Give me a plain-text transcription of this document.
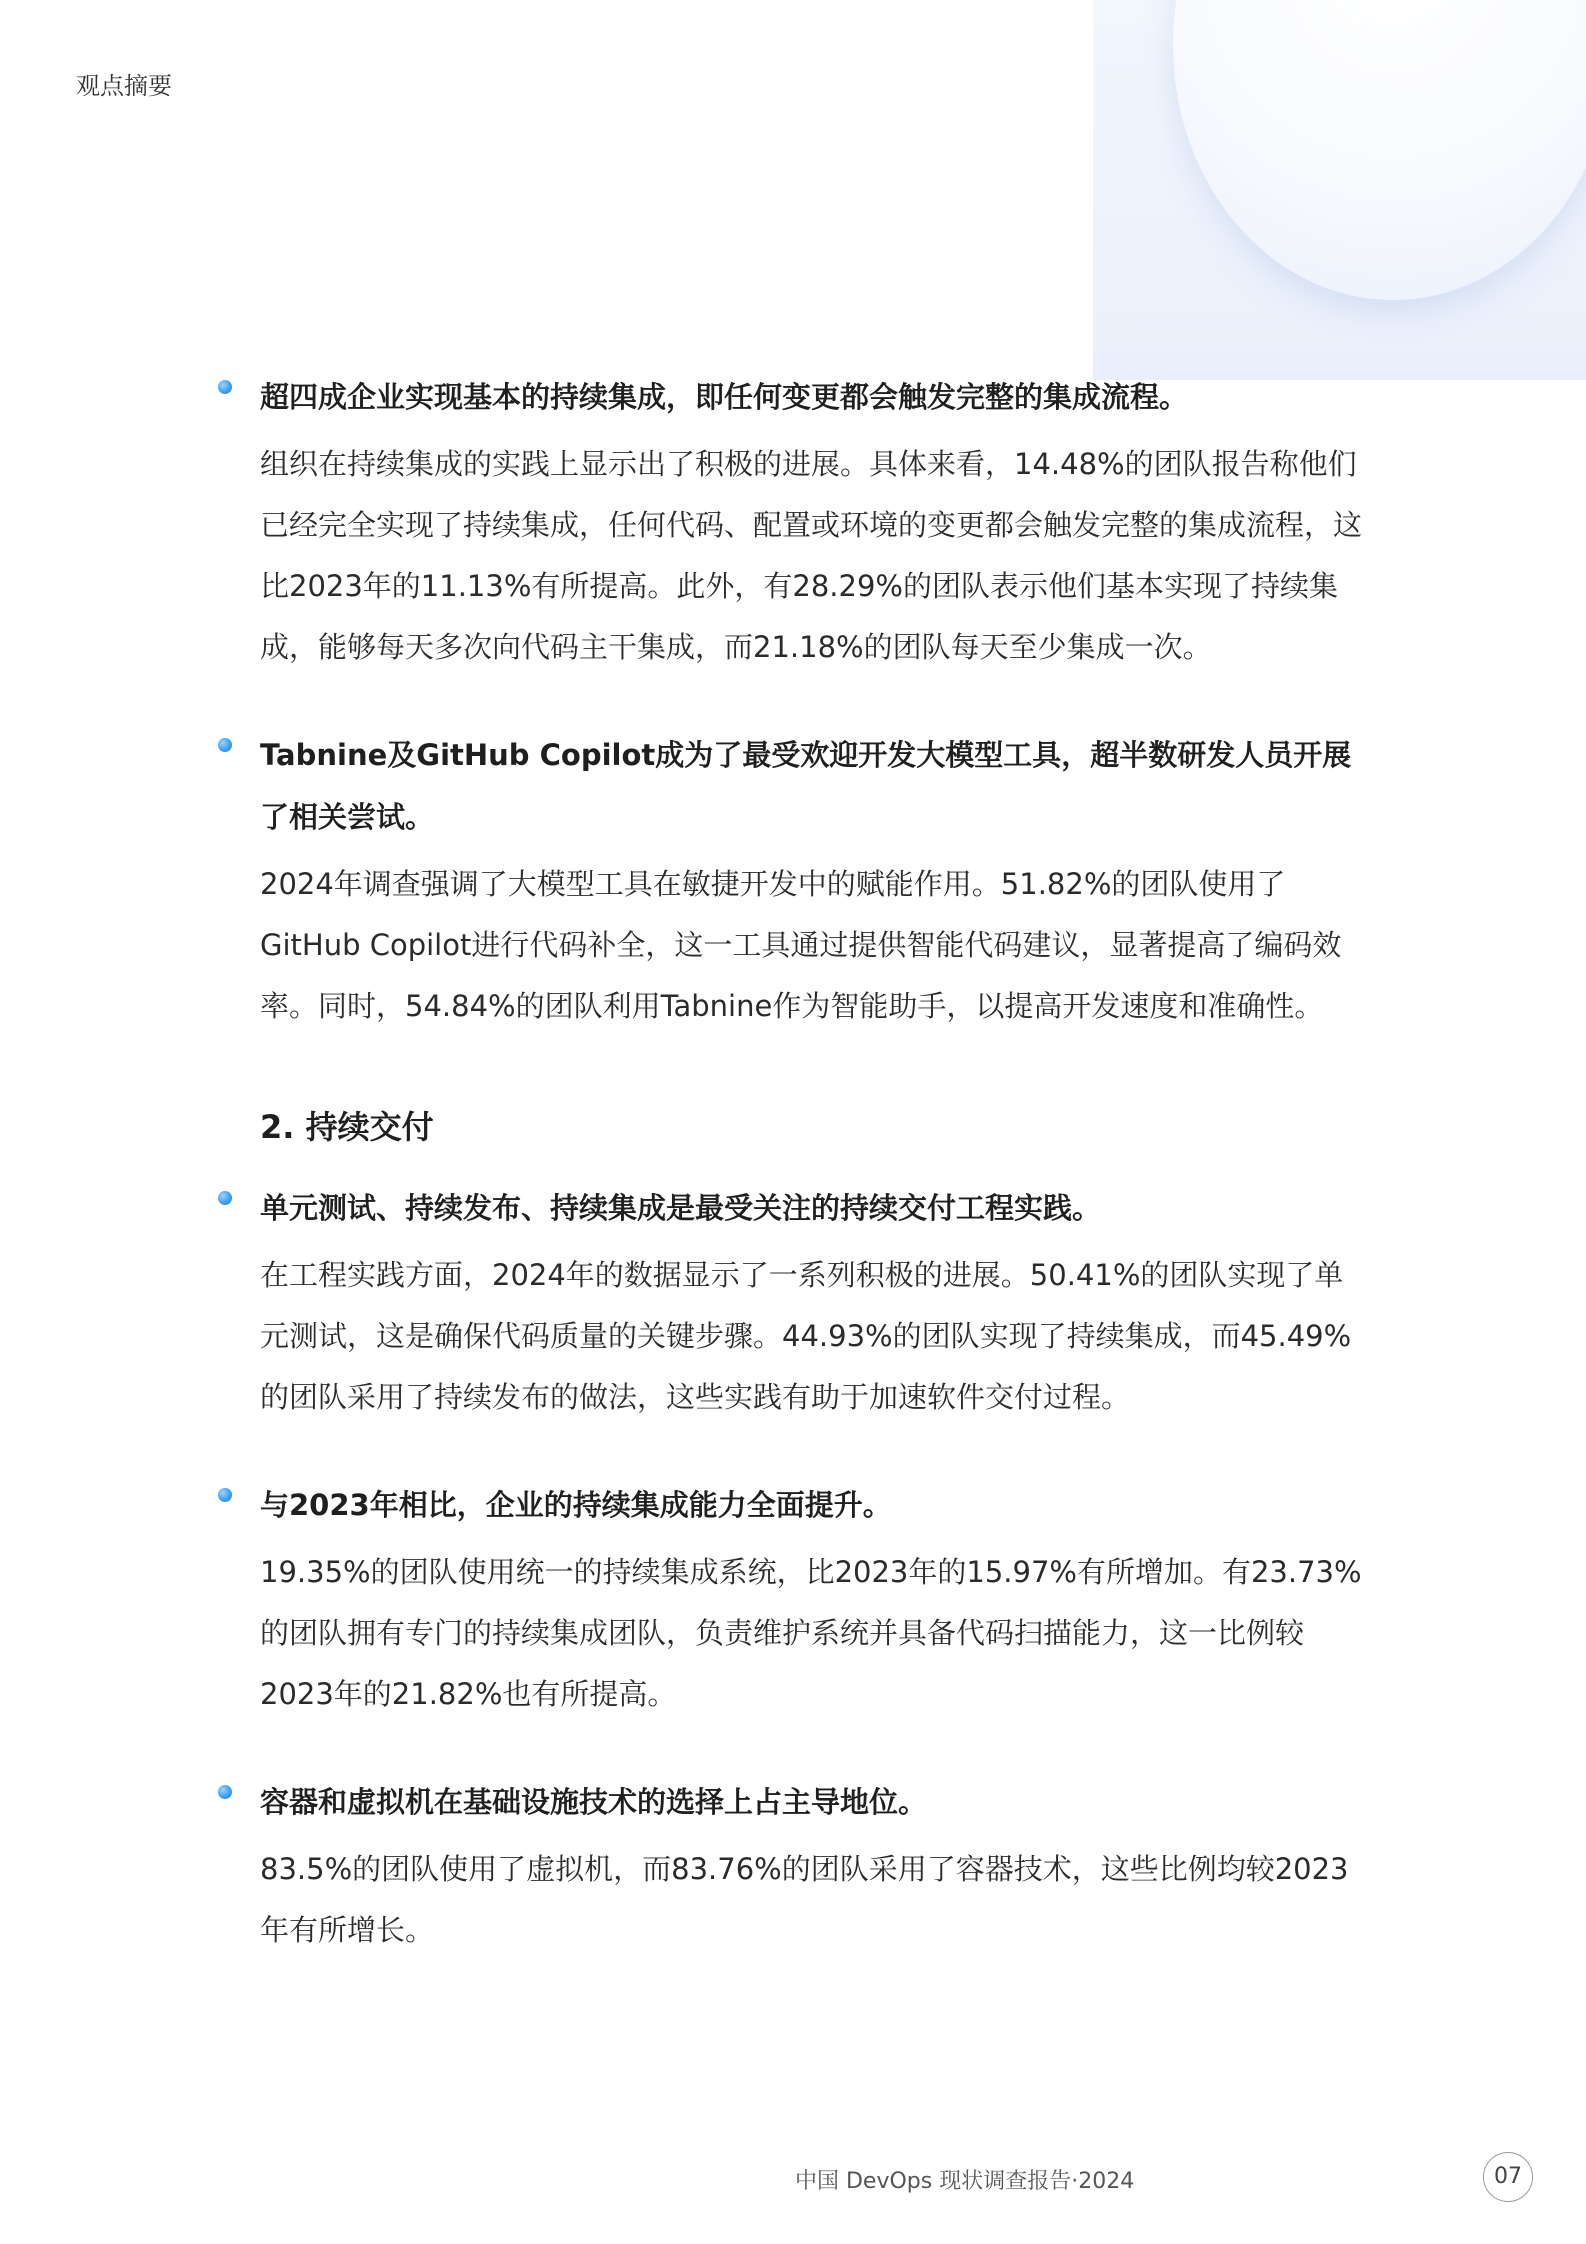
观点摘要
超四成企业实现基本的持续集成，即任何变更都会触发完整的集成流程。
组织在持续集成的实践上显示出了积极的进展。具体来看，14.48%的团队报告称他们已经完全实现了持续集成，任何代码、配置或环境的变更都会触发完整的集成流程，这比2023年的11.13%有所提高。此外，有28.29%的团队表示他们基本实现了持续集成，能够每天多次向代码主干集成，而21.18%的团队每天至少集成一次。
Tabnine及GitHub Copilot成为了最受欢迎开发大模型工具，超半数研发人员开展了相关尝试。
2024年调查强调了大模型工具在敏捷开发中的赋能作用。51.82%的团队使用了GitHub Copilot进行代码补全，这一工具通过提供智能代码建议，显著提高了编码效率。同时，54.84%的团队利用Tabnine作为智能助手，以提高开发速度和准确性。
2. 持续交付
单元测试、持续发布、持续集成是最受关注的持续交付工程实践。
在工程实践方面，2024年的数据显示了一系列积极的进展。50.41%的团队实现了单元测试，这是确保代码质量的关键步骤。44.93%的团队实现了持续集成，而45.49%的团队采用了持续发布的做法，这些实践有助于加速软件交付过程。
与2023年相比，企业的持续集成能力全面提升。
19.35%的团队使用统一的持续集成系统，比2023年的15.97%有所增加。有23.73%的团队拥有专门的持续集成团队，负责维护系统并具备代码扫描能力，这一比例较2023年的21.82%也有所提高。
容器和虚拟机在基础设施技术的选择上占主导地位。
83.5%的团队使用了虚拟机，而83.76%的团队采用了容器技术，这些比例均较2023年有所增长。
中国 DevOps 现状调查报告·2024	07
